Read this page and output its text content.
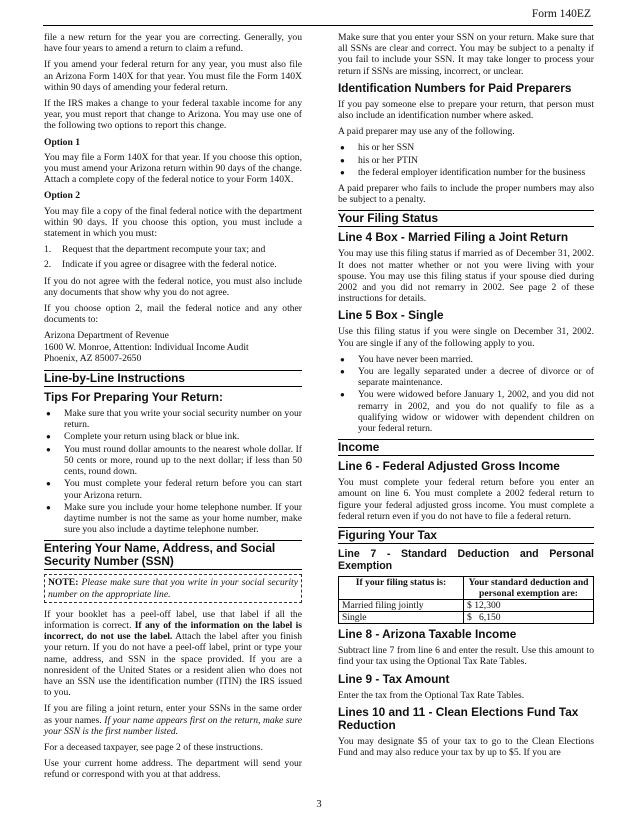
Form 140EZ

file a new return for the year you are correcting. Generally, you have four years to amend a return to claim a refund.

If you amend your federal return for any year, you must also file an Arizona Form 140X for that year. You must file the Form 140X within 90 days of amending your federal return.

If the IRS makes a change to your federal taxable income for any year, you must report that change to Arizona. You may use one of the following two options to report this change.

Option 1

You may file a Form 140X for that year. If you choose this option, you must amend your Arizona return within 90 days of the change. Attach a complete copy of the federal notice to your Form 140X.

Option 2

You may file a copy of the final federal notice with the department within 90 days. If you choose this option, you must include a statement in which you must:

1.	Request that the department recompute your tax; and
2.	Indicate if you agree or disagree with the federal notice.

If you do not agree with the federal notice, you must also include any documents that show why you do not agree.

If you choose option 2, mail the federal notice and any other documents to:

Arizona Department of Revenue
1600 W. Monroe, Attention: Individual Income Audit
Phoenix, AZ 85007-2650
Line-by-Line Instructions
Tips For Preparing Your Return:
●	Make sure that you write your social security number on your return.
●	Complete your return using black or blue ink.
●	You must round dollar amounts to the nearest whole dollar. If 50 cents or more, round up to the next dollar; if less than 50 cents, round down.
●	You must complete your federal return before you can start your Arizona return.
●	Make sure you include your home telephone number. If your daytime number is not the same as your home number, make sure you also include a daytime telephone number.
Entering Your Name, Address, and Social Security Number (SSN)
NOTE: Please make sure that you write in your social security number on the appropriate line.

If your booklet has a peel-off label, use that label if all the information is correct. If any of the information on the label is incorrect, do not use the label. Attach the label after you finish your return. If you do not have a peel-off label, print or type your name, address, and SSN in the space provided. If you are a nonresident of the United States or a resident alien who does not have an SSN use the identification number (ITIN) the IRS issued to you.

If you are filing a joint return, enter your SSNs in the same order as your names. If your name appears first on the return, make sure your SSN is the first number listed.

For a deceased taxpayer, see page 2 of these instructions.

Use your current home address. The department will send your refund or correspond with you at that address.

Make sure that you enter your SSN on your return. Make sure that all SSNs are clear and correct. You may be subject to a penalty if you fail to include your SSN. It may take longer to process your return if SSNs are missing, incorrect, or unclear.

Identification Numbers for Paid Preparers

If you pay someone else to prepare your return, that person must also include an identification number where asked.

A paid preparer may use any of the following.

●	his or her SSN
●	his or her PTIN
●	the federal employer identification number for the business

A paid preparer who fails to include the proper numbers may also be subject to a penalty.

Your Filing Status
Line 4 Box - Married Filing a Joint Return

You may use this filing status if married as of December 31, 2002. It does not matter whether or not you were living with your spouse. You may use this filing status if your spouse died during 2002 and you did not remarry in 2002. See page 2 of these instructions for details.

Line 5 Box - Single

Use this filing status if you were single on December 31, 2002. You are single if any of the following apply to you.

●	You have never been married.
●	You are legally separated under a decree of divorce or of separate maintenance.
●	You were widowed before January 1, 2002, and you did not remarry in 2002, and you do not qualify to file as a qualifying widow or widower with dependent children on your federal return.
Income
Line 6 - Federal Adjusted Gross Income

You must complete your federal return before you enter an amount on line 6. You must complete a 2002 federal return to figure your federal adjusted gross income. You must complete a federal return even if you do not have to file a federal return.

Figuring Your Tax
Line 7 - Standard Deduction and Personal Exemption
If your filing status is:	Your standard deduction and personal exemption are:
Married filing jointly	$ 12,300
Single	$   6,150
Line 8 - Arizona Taxable Income

Subtract line 7 from line 6 and enter the result. Use this amount to find your tax using the Optional Tax Rate Tables.

Line 9 - Tax Amount

Enter the tax from the Optional Tax Rate Tables.

Lines 10 and 11 - Clean Elections Fund Tax Reduction

You may designate $5 of your tax to go to the Clean Elections Fund and may also reduce your tax by up to $5. If you are

3
